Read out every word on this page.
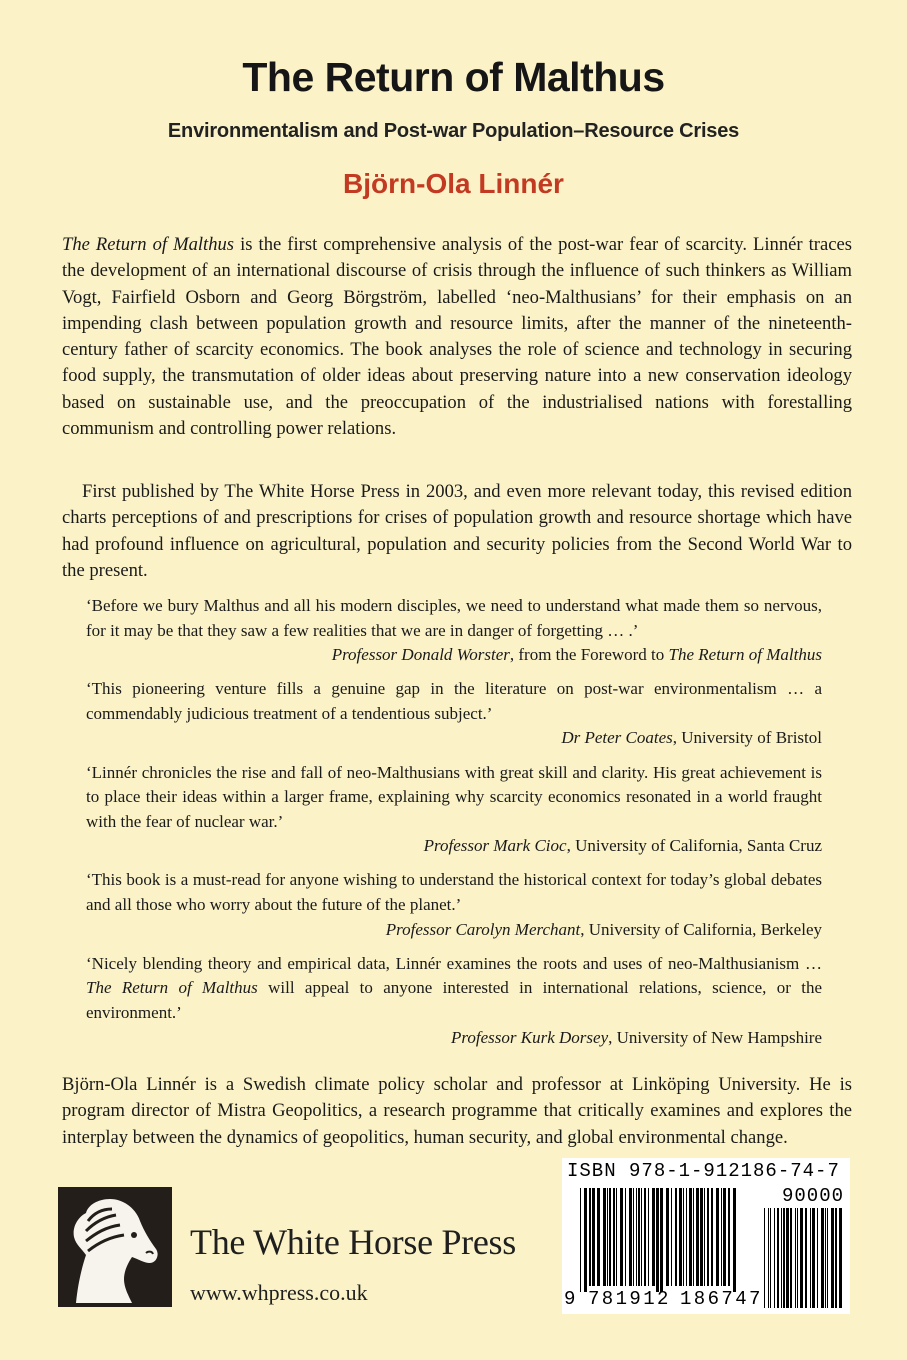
The Return of Malthus
Environmentalism and Post-war Population–Resource Crises
Björn-Ola Linnér

The Return of Malthus is the first comprehensive analysis of the post-war fear of scarcity. Linnér traces the development of an international discourse of crisis through the influence of such thinkers as William Vogt, Fairfield Osborn and Georg Börgström, labelled ‘neo-Malthusians’ for their emphasis on an impending clash between population growth and resource limits, after the manner of the nineteenth-century father of scarcity economics. The book analyses the role of science and technology in securing food supply, the transmutation of older ideas about preserving nature into a new conservation ideology based on sustainable use, and the preoccupation of the industrialised nations with forestalling communism and controlling power relations.

First published by The White Horse Press in 2003, and even more relevant today, this revised edition charts perceptions of and prescriptions for crises of population growth and resource shortage which have had profound influence on agricultural, population and security policies from the Second World War to the present.

‘Before we bury Malthus and all his modern disciples, we need to understand what made them so nervous, for it may be that they saw a few realities that we are in danger of forgetting … .’

Professor Donald Worster, from the Foreword to The Return of Malthus

‘This pioneering venture fills a genuine gap in the literature on post-war environmentalism … a commendably judicious treatment of a tendentious subject.’

Dr Peter Coates, University of Bristol

‘Linnér chronicles the rise and fall of neo-Malthusians with great skill and clarity. His great achievement is to place their ideas within a larger frame, explaining why scarcity economics resonated in a world fraught with the fear of nuclear war.’

Professor Mark Cioc, University of California, Santa Cruz

‘This book is a must-read for anyone wishing to understand the historical context for today’s global debates and all those who worry about the future of the planet.’

Professor Carolyn Merchant, University of California, Berkeley

‘Nicely blending theory and empirical data, Linnér examines the roots and uses of neo-Malthusianism … The Return of Malthus will appeal to anyone interested in international relations, science, or the environment.’

Professor Kurk Dorsey, University of New Hampshire

Björn-Ola Linnér is a Swedish climate policy scholar and professor at Linköping University. He is program director of Mistra Geopolitics, a research programme that critically examines and explores the interplay between the dynamics of geopolitics, human security, and global environmental change.

The White Horse Press
www.whpress.co.uk
ISBN 978-1-912186-74-7
90000
9 781912 186747
